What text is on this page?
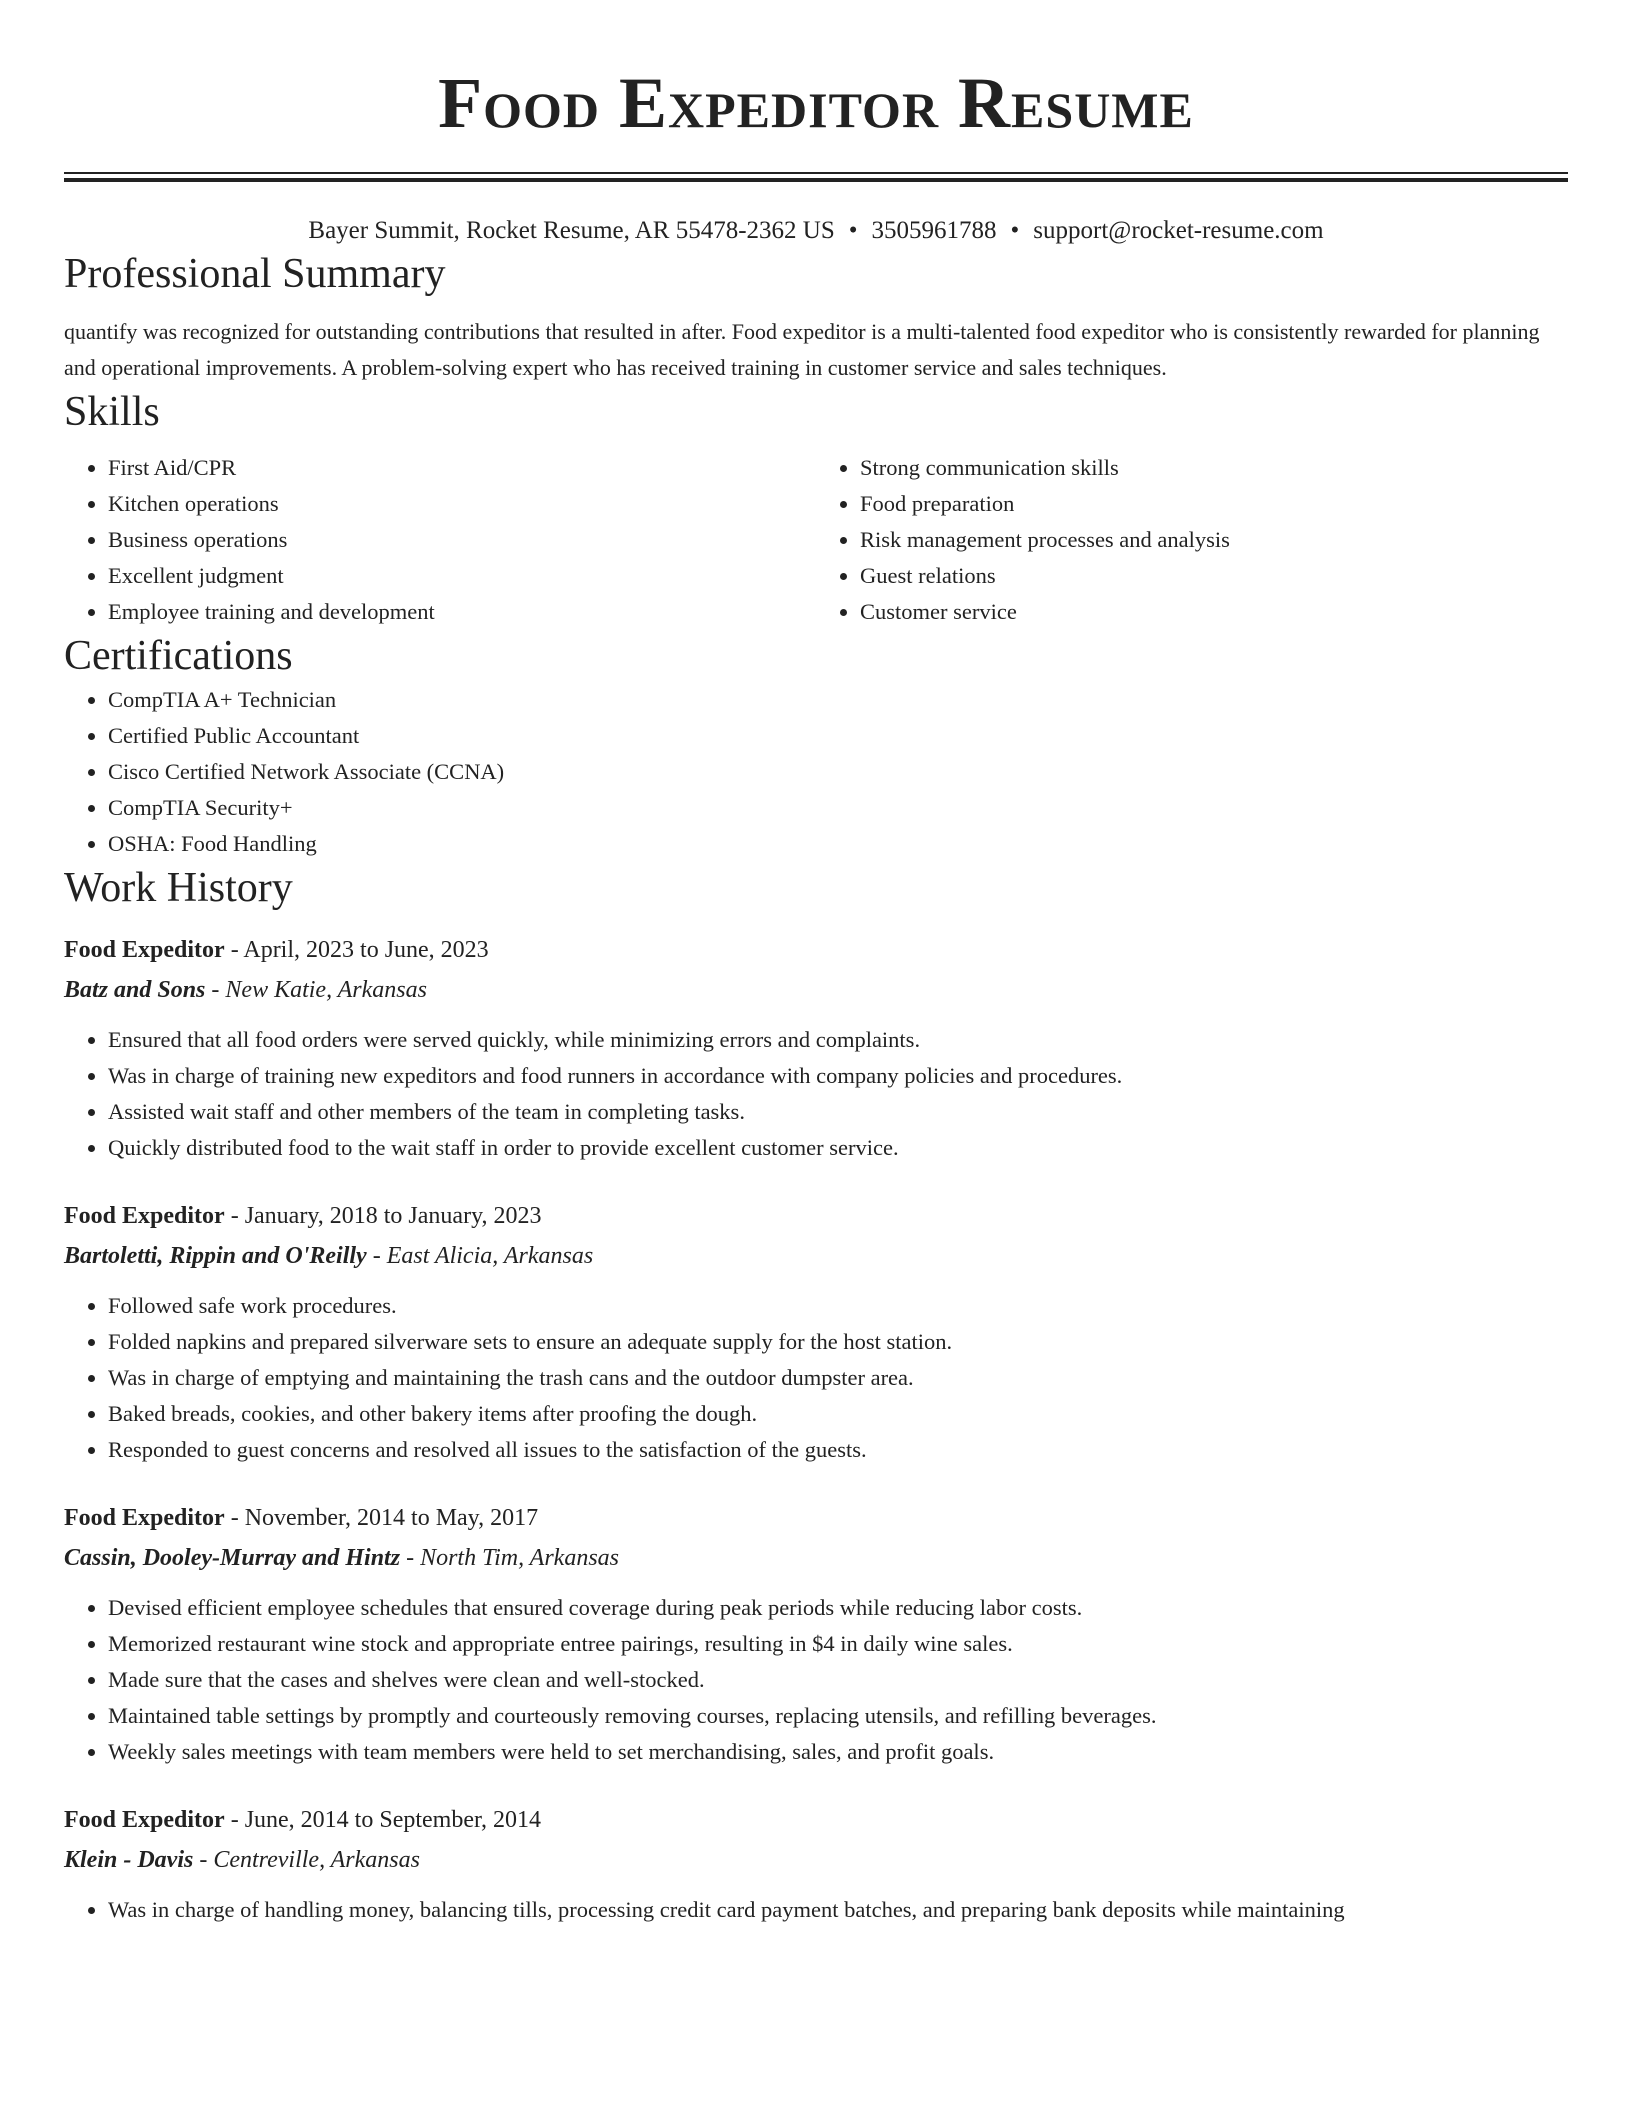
Food Expeditor Resume
Bayer Summit, Rocket Resume, AR 55478-2362 US • 3505961788 • support@rocket-resume.com
Professional Summary

quantify was recognized for outstanding contributions that resulted in after. Food expeditor is a multi-talented food expeditor who is consistently rewarded for planning and operational improvements. A problem-solving expert who has received training in customer service and sales techniques.

Skills
• First Aid/CPR
• Kitchen operations
• Business operations
• Excellent judgment
• Employee training and development
• Strong communication skills
• Food preparation
• Risk management processes and analysis
• Guest relations
• Customer service
Certifications
• CompTIA A+ Technician
• Certified Public Accountant
• Cisco Certified Network Associate (CCNA)
• CompTIA Security+
• OSHA: Food Handling
Work History
Food Expeditor - April, 2023 to June, 2023
Batz and Sons - New Katie, Arkansas
• Ensured that all food orders were served quickly, while minimizing errors and complaints.
• Was in charge of training new expeditors and food runners in accordance with company policies and procedures.
• Assisted wait staff and other members of the team in completing tasks.
• Quickly distributed food to the wait staff in order to provide excellent customer service.
Food Expeditor - January, 2018 to January, 2023
Bartoletti, Rippin and O'Reilly - East Alicia, Arkansas
• Followed safe work procedures.
• Folded napkins and prepared silverware sets to ensure an adequate supply for the host station.
• Was in charge of emptying and maintaining the trash cans and the outdoor dumpster area.
• Baked breads, cookies, and other bakery items after proofing the dough.
• Responded to guest concerns and resolved all issues to the satisfaction of the guests.
Food Expeditor - November, 2014 to May, 2017
Cassin, Dooley-Murray and Hintz - North Tim, Arkansas
• Devised efficient employee schedules that ensured coverage during peak periods while reducing labor costs.
• Memorized restaurant wine stock and appropriate entree pairings, resulting in $4 in daily wine sales.
• Made sure that the cases and shelves were clean and well-stocked.
• Maintained table settings by promptly and courteously removing courses, replacing utensils, and refilling beverages.
• Weekly sales meetings with team members were held to set merchandising, sales, and profit goals.
Food Expeditor - June, 2014 to September, 2014
Klein - Davis - Centreville, Arkansas
• Was in charge of handling money, balancing tills, processing credit card payment batches, and preparing bank deposits while maintaining
